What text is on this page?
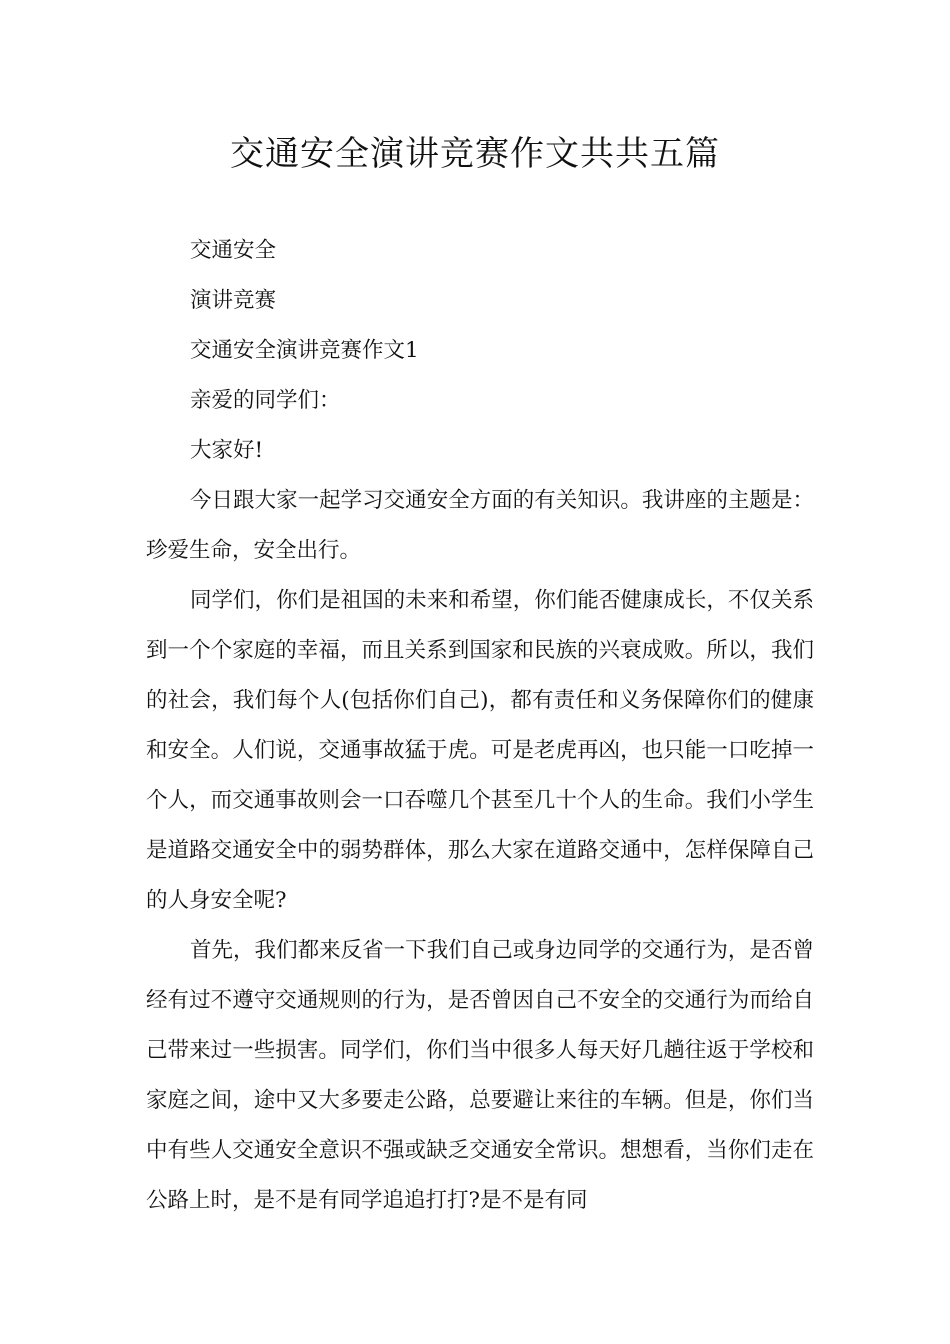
交通安全演讲竞赛作文共共五篇

交通安全

演讲竞赛

交通安全演讲竞赛作文1

亲爱的同学们：

大家好!

今日跟大家一起学习交通安全方面的有关知识。我讲座的主题是：珍爱生命，安全出行。

同学们，你们是祖国的未来和希望，你们能否健康成长，不仅关系到一个个家庭的幸福，而且关系到国家和民族的兴衰成败。所以，我们的社会，我们每个人(包括你们自己)，都有责任和义务保障你们的健康和安全。人们说，交通事故猛于虎。可是老虎再凶，也只能一口吃掉一个人，而交通事故则会一口吞噬几个甚至几十个人的生命。我们小学生是道路交通安全中的弱势群体，那么大家在道路交通中，怎样保障自己的人身安全呢?

首先，我们都来反省一下我们自己或身边同学的交通行为，是否曾经有过不遵守交通规则的行为，是否曾因自己不安全的交通行为而给自己带来过一些损害。同学们，你们当中很多人每天好几趟往返于学校和家庭之间，途中又大多要走公路，总要避让来往的车辆。但是，你们当中有些人交通安全意识不强或缺乏交通安全常识。想想看，当你们走在公路上时，是不是有同学追追打打?是不是有同
